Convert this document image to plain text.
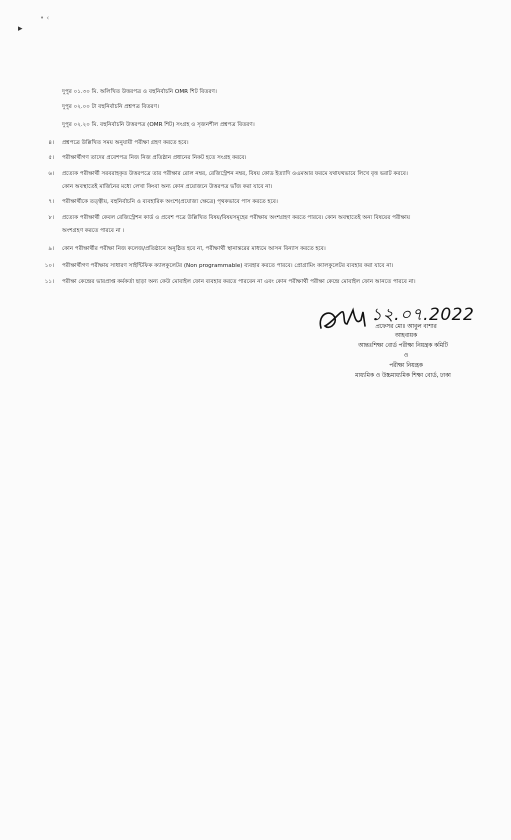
▸
• ‹
দুপুর ০১.৩০ মি. অলিখিত উত্তরপত্র ও বহুনির্বাচনি OMR শিট বিতরণ।
দুপুর ০২.০০ টা বহুনির্বাচনি প্রশ্নপত্র বিতরণ।
দুপুর ০২.২০ মি. বহুনির্বাচনি উত্তরপত্র (OMR শিট) সংগ্রহ ও সৃজনশীল প্রশ্নপত্র বিতরণ।
৪। প্রশ্নপত্রে উল্লিখিত সময় অনুযায়ী পরীক্ষা গ্রহণ করতে হবে।
৫। পরীক্ষার্থীগণ তাদের প্রবেশপত্র নিজ নিজ প্রতিষ্ঠান প্রধানের নিকট হতে সংগ্রহ করবে।
৬। প্রত্যেক পরীক্ষার্থী সরবরাহকৃত উত্তরপত্রে তার পরীক্ষার রোল নম্বর, রেজিস্ট্রেশন নম্বর, বিষয় কোড ইত্যাদি ওএমআর ফরমে যথাযথভাবে লিখে বৃত্ত ভরাট করবে।
কোন অবস্থাতেই মার্জিনের মধ্যে লেখা কিংবা অন্য কোন প্রয়োজনে উত্তরপত্র ভাঁজ করা যাবে না।
৭। পরীক্ষার্থীকে তত্ত্বীয়, বহুনির্বাচনি ও ব্যবহারিক অংশে(প্রযোজ্য ক্ষেত্রে) পৃথকভাবে পাস করতে হবে।
৮। প্রত্যেক পরীক্ষার্থী কেবল রেজিস্ট্রেশন কার্ড ও প্রবেশ পত্রে উল্লিখিত বিষয়/বিষয়সমূহের পরীক্ষায় অংশগ্রহণ করতে পারবে। কোন অবস্থাতেই অন্য বিষয়ের পরীক্ষায়
অংশগ্রহণ করতে পারবে না ।
৯। কোন পরীক্ষার্থীর পরীক্ষা নিজ কলেজ/প্রতিষ্ঠানে অনুষ্ঠিত হবে না, পরীক্ষার্থী স্থানান্তরের মাধ্যমে আসন বিন্যাস করতে হবে।
১০। পরীক্ষার্থীগণ পরীক্ষায় সাধারণ সাইন্টিফিক ক্যালকুলেটর (Non programmable) ব্যবহার করতে পারবে। প্রোগ্রামিং ক্যালকুলেটর ব্যবহার করা যাবে না।
১১। পরীক্ষা কেন্দ্রের ভারপ্রাপ্ত কর্মকর্তা ছাড়া অন্য কেউ মোবাইল ফোন ব্যবহার করতে পারবেন না এবং কোন পরীক্ষার্থী পরীক্ষা কেন্দ্রে মোবাইল ফোন আনতে পারবে না।
১২.০৭.2022
প্রফেসর মোঃ আবুল বাশার
আহবায়ক
আন্তঃশিক্ষা বোর্ড পরীক্ষা নিয়ন্ত্রক কমিটি
ও
পরীক্ষা নিয়ন্ত্রক
মাধ্যমিক ও উচ্চমাধ্যমিক শিক্ষা বোর্ড, ঢাকা
